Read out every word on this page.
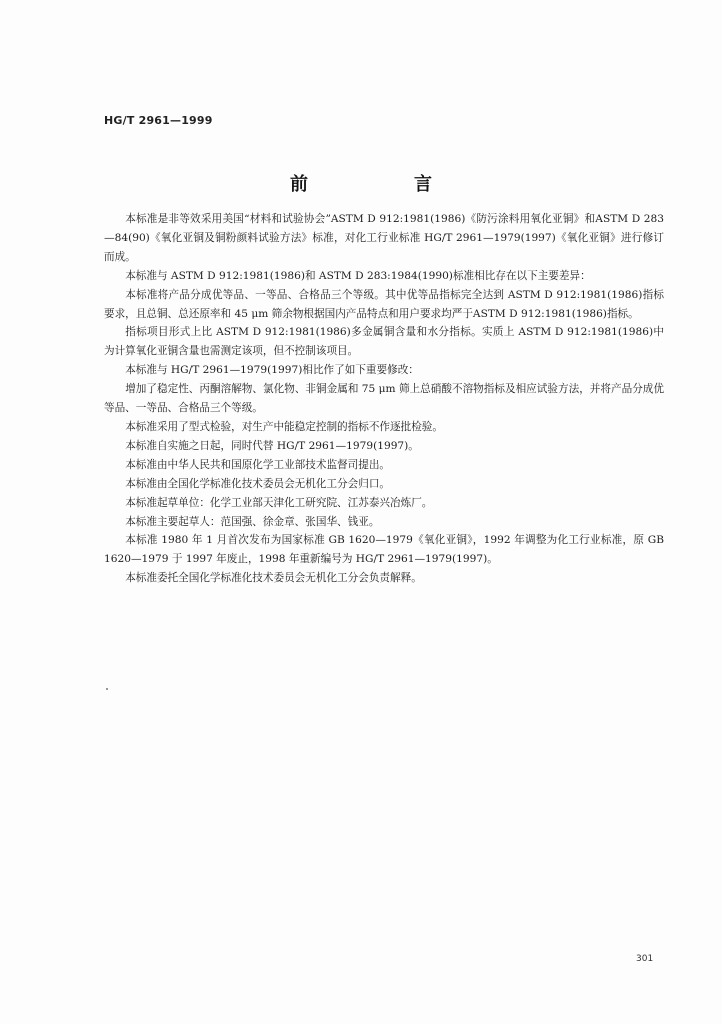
HG/T 2961—1999
前　言

本标准是非等效采用美国“材料和试验协会”ASTM D 912:1981(1986)《防污涂料用氧化亚铜》和ASTM D 283—84(90)《氧化亚铜及铜粉颜料试验方法》标准，对化工行业标准 HG/T 2961—1979(1997)《氧化亚铜》进行修订而成。

本标准与 ASTM D 912:1981(1986)和 ASTM D 283:1984(1990)标准相比存在以下主要差异：

本标准将产品分成优等品、一等品、合格品三个等级。其中优等品指标完全达到 ASTM D 912:1981(1986)指标要求，且总铜、总还原率和 45 μm 筛余物根据国内产品特点和用户要求均严于ASTM D 912:1981(1986)指标。

指标项目形式上比 ASTM D 912:1981(1986)多金属铜含量和水分指标。实质上 ASTM D 912:1981(1986)中为计算氧化亚铜含量也需测定该项，但不控制该项目。

本标准与 HG/T 2961—1979(1997)相比作了如下重要修改：

增加了稳定性、丙酮溶解物、氯化物、非铜金属和 75 μm 筛上总硝酸不溶物指标及相应试验方法，并将产品分成优等品、一等品、合格品三个等级。

本标准采用了型式检验，对生产中能稳定控制的指标不作逐批检验。

本标准自实施之日起，同时代替 HG/T 2961—1979(1997)。

本标准由中华人民共和国原化学工业部技术监督司提出。

本标准由全国化学标准化技术委员会无机化工分会归口。

本标准起草单位：化学工业部天津化工研究院、江苏泰兴冶炼厂。

本标准主要起草人：范国强、徐金章、张国华、钱亚。

本标准 1980 年 1 月首次发布为国家标准 GB 1620—1979《氧化亚铜》，1992 年调整为化工行业标准，原 GB 1620—1979 于 1997 年废止，1998 年重新编号为 HG/T 2961—1979(1997)。

本标准委托全国化学标准化技术委员会无机化工分会负责解释。

301
